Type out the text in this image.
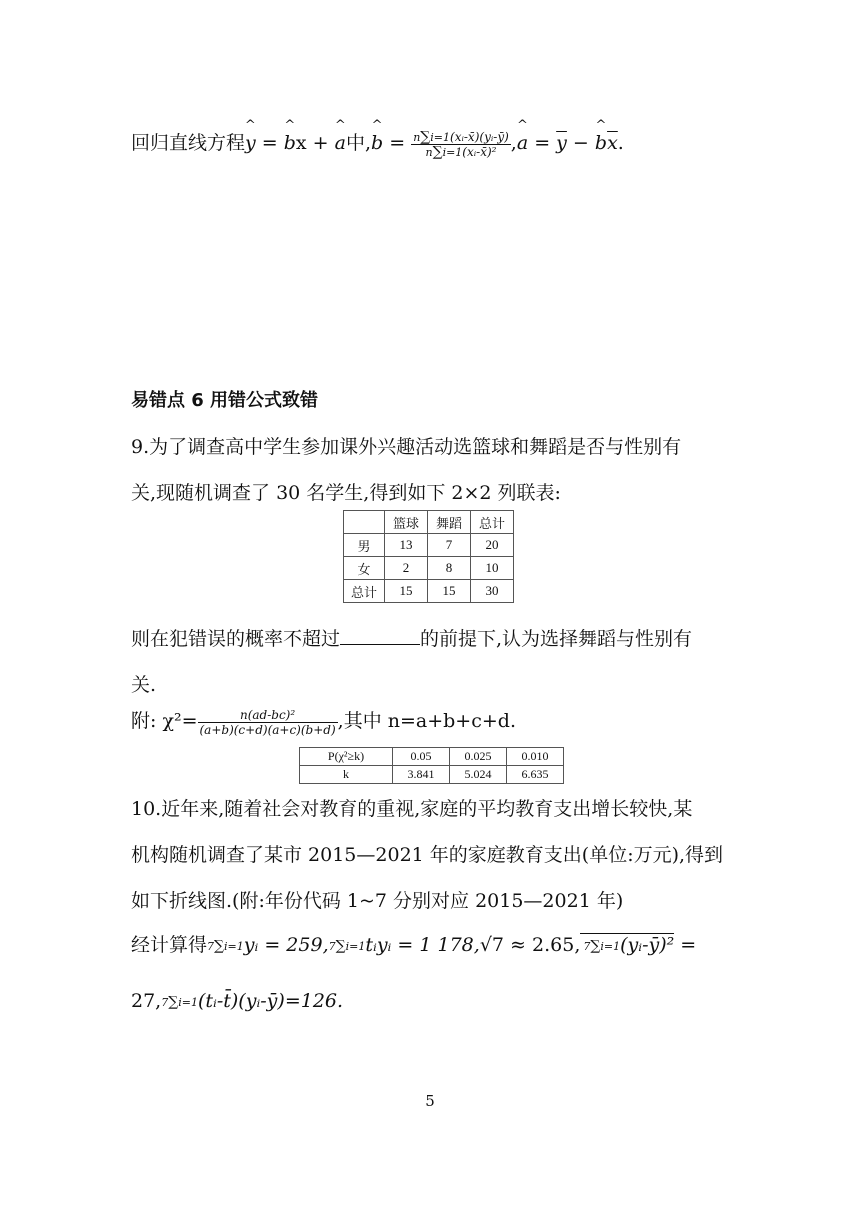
回归直线方程^ y = ^ bx + ^ a中,^ $b = \frac{\text{n∑i=1(xᵢ-x̄)(yᵢ-ȳ)}}{\text{n∑i=1(xᵢ-x̄)²}}$ ,^ $a = \overline{y}$ − ^ $b\overline{x}$.
易错点 6 用错公式致错
9.为了调查高中学生参加课外兴趣活动选篮球和舞蹈是否与性别有
关,现随机调查了 30 名学生,得到如下 2×2 列联表:
	篮球	舞蹈	总计
男	13	7	20
女	2	8	10
总计	15	15	30
则在犯错误的概率不超过	的前提下,认为选择舞蹈与性别有
关.
附: $\chi^2= \frac{\text{n(ad-bc)²}}{(a+b)(c+d)(a+c)(b+d)}$ ,其中 n=a+b+c+d.
P(χ²≥k)	0.05	0.025	0.010
k	3.841	5.024	6.635
10.近年来,随着社会对教育的重视,家庭的平均教育支出增长较快,某
机构随机调查了某市 2015—2021 年的家庭教育支出(单位:万元),得到
如下折线图.(附:年份代码 1~7 分别对应 2015—2021 年)
经计算得7∑i=1yᵢ = 259,7∑i=1tᵢyᵢ = 1 178,√7 ≈ 2.65, 7∑i=1(yᵢ-ȳ)² =
27,7∑i=1(tᵢ-t̄)(yᵢ-ȳ)=126.
5
